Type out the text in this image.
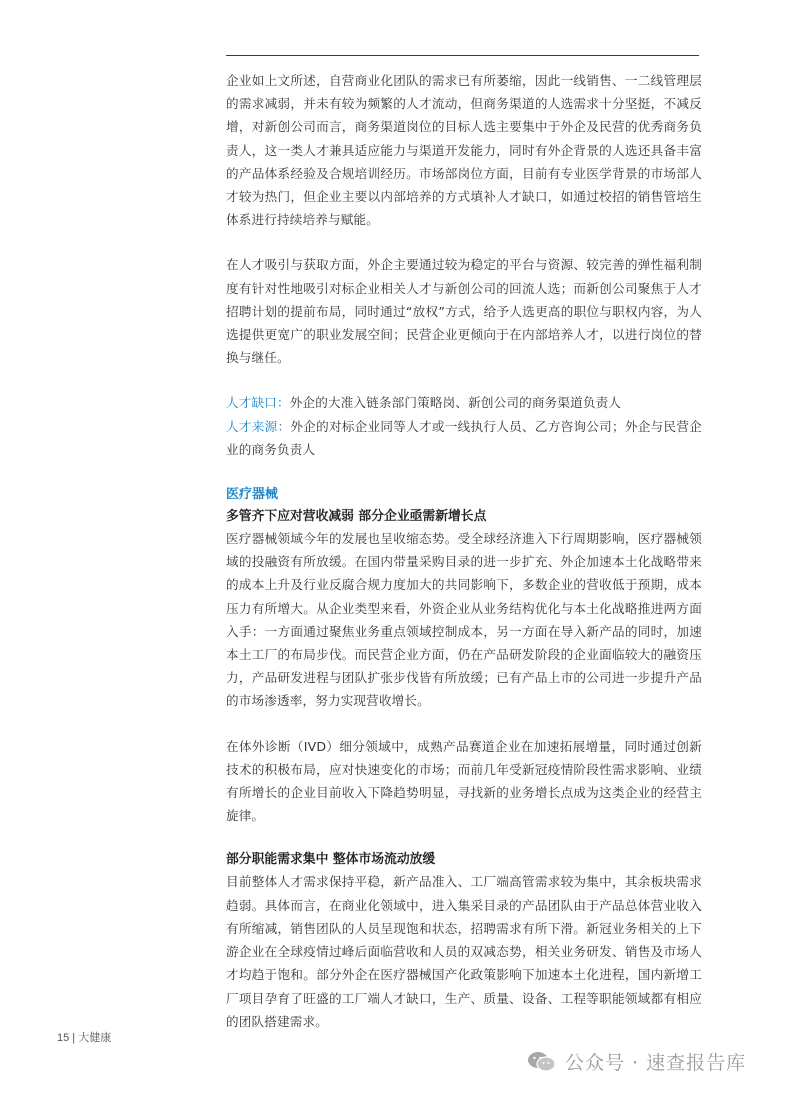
企业如上文所述，自营商业化团队的需求已有所萎缩，因此一线销售、一二线管理层的需求减弱，并未有较为频繁的人才流动，但商务渠道的人选需求十分坚挺，不减反增，对新创公司而言，商务渠道岗位的目标人选主要集中于外企及民营的优秀商务负责人，这一类人才兼具适应能力与渠道开发能力，同时有外企背景的人选还具备丰富的产品体系经验及合规培训经历。市场部岗位方面，目前有专业医学背景的市场部人才较为热门，但企业主要以内部培养的方式填补人才缺口，如通过校招的销售管培生体系进行持续培养与赋能。

在人才吸引与获取方面，外企主要通过较为稳定的平台与资源、较完善的弹性福利制度有针对性地吸引对标企业相关人才与新创公司的回流人选；而新创公司聚焦于人才招聘计划的提前布局，同时通过“放权”方式，给予人选更高的职位与职权内容，为人选提供更宽广的职业发展空间；民营企业更倾向于在内部培养人才，以进行岗位的替换与继任。

人才缺口：外企的大准入链条部门策略岗、新创公司的商务渠道负责人

人才来源：外企的对标企业同等人才或一线执行人员、乙方咨询公司；外企与民营企业的商务负责人

医疗器械
多管齐下应对营收减弱 部分企业亟需新增长点

医疗器械领域今年的发展也呈收缩态势。受全球经济進入下行周期影响，医疗器械领域的投融资有所放缓。在国内带量采购目录的进一步扩充、外企加速本土化战略带来的成本上升及行业反腐合规力度加大的共同影响下，多数企业的营收低于预期，成本压力有所增大。从企业类型来看，外资企业从业务结构优化与本土化战略推进两方面入手：一方面通过聚焦业务重点领域控制成本，另一方面在导入新产品的同时，加速本土工厂的布局步伐。而民营企业方面，仍在产品研发阶段的企业面临较大的融资压力，产品研发进程与团队扩张步伐皆有所放缓；已有产品上市的公司进一步提升产品的市场渗透率，努力实现营收增长。

在体外诊断（IVD）细分领域中，成熟产品赛道企业在加速拓展增量，同时通过创新技术的积极布局，应对快速变化的市场；而前几年受新冠疫情阶段性需求影响、业绩有所增长的企业目前收入下降趋势明显，寻找新的业务增长点成为这类企业的经营主旋律。

部分职能需求集中 整体市场流动放缓

目前整体人才需求保持平稳，新产品准入、工厂端高管需求较为集中，其余板块需求趋弱。具体而言，在商业化领域中，进入集采目录的产品团队由于产品总体营业收入有所缩减，销售团队的人员呈现饱和状态，招聘需求有所下滑。新冠业务相关的上下游企业在全球疫情过峰后面临营收和人员的双减态势，相关业务研发、销售及市场人才均趋于饱和。部分外企在医疗器械国产化政策影响下加速本土化进程，国内新增工厂项目孕育了旺盛的工厂端人才缺口，生产、质量、设备、工程等职能领域都有相应的团队搭建需求。

15 | 大健康
公众号 · 速查报告库
